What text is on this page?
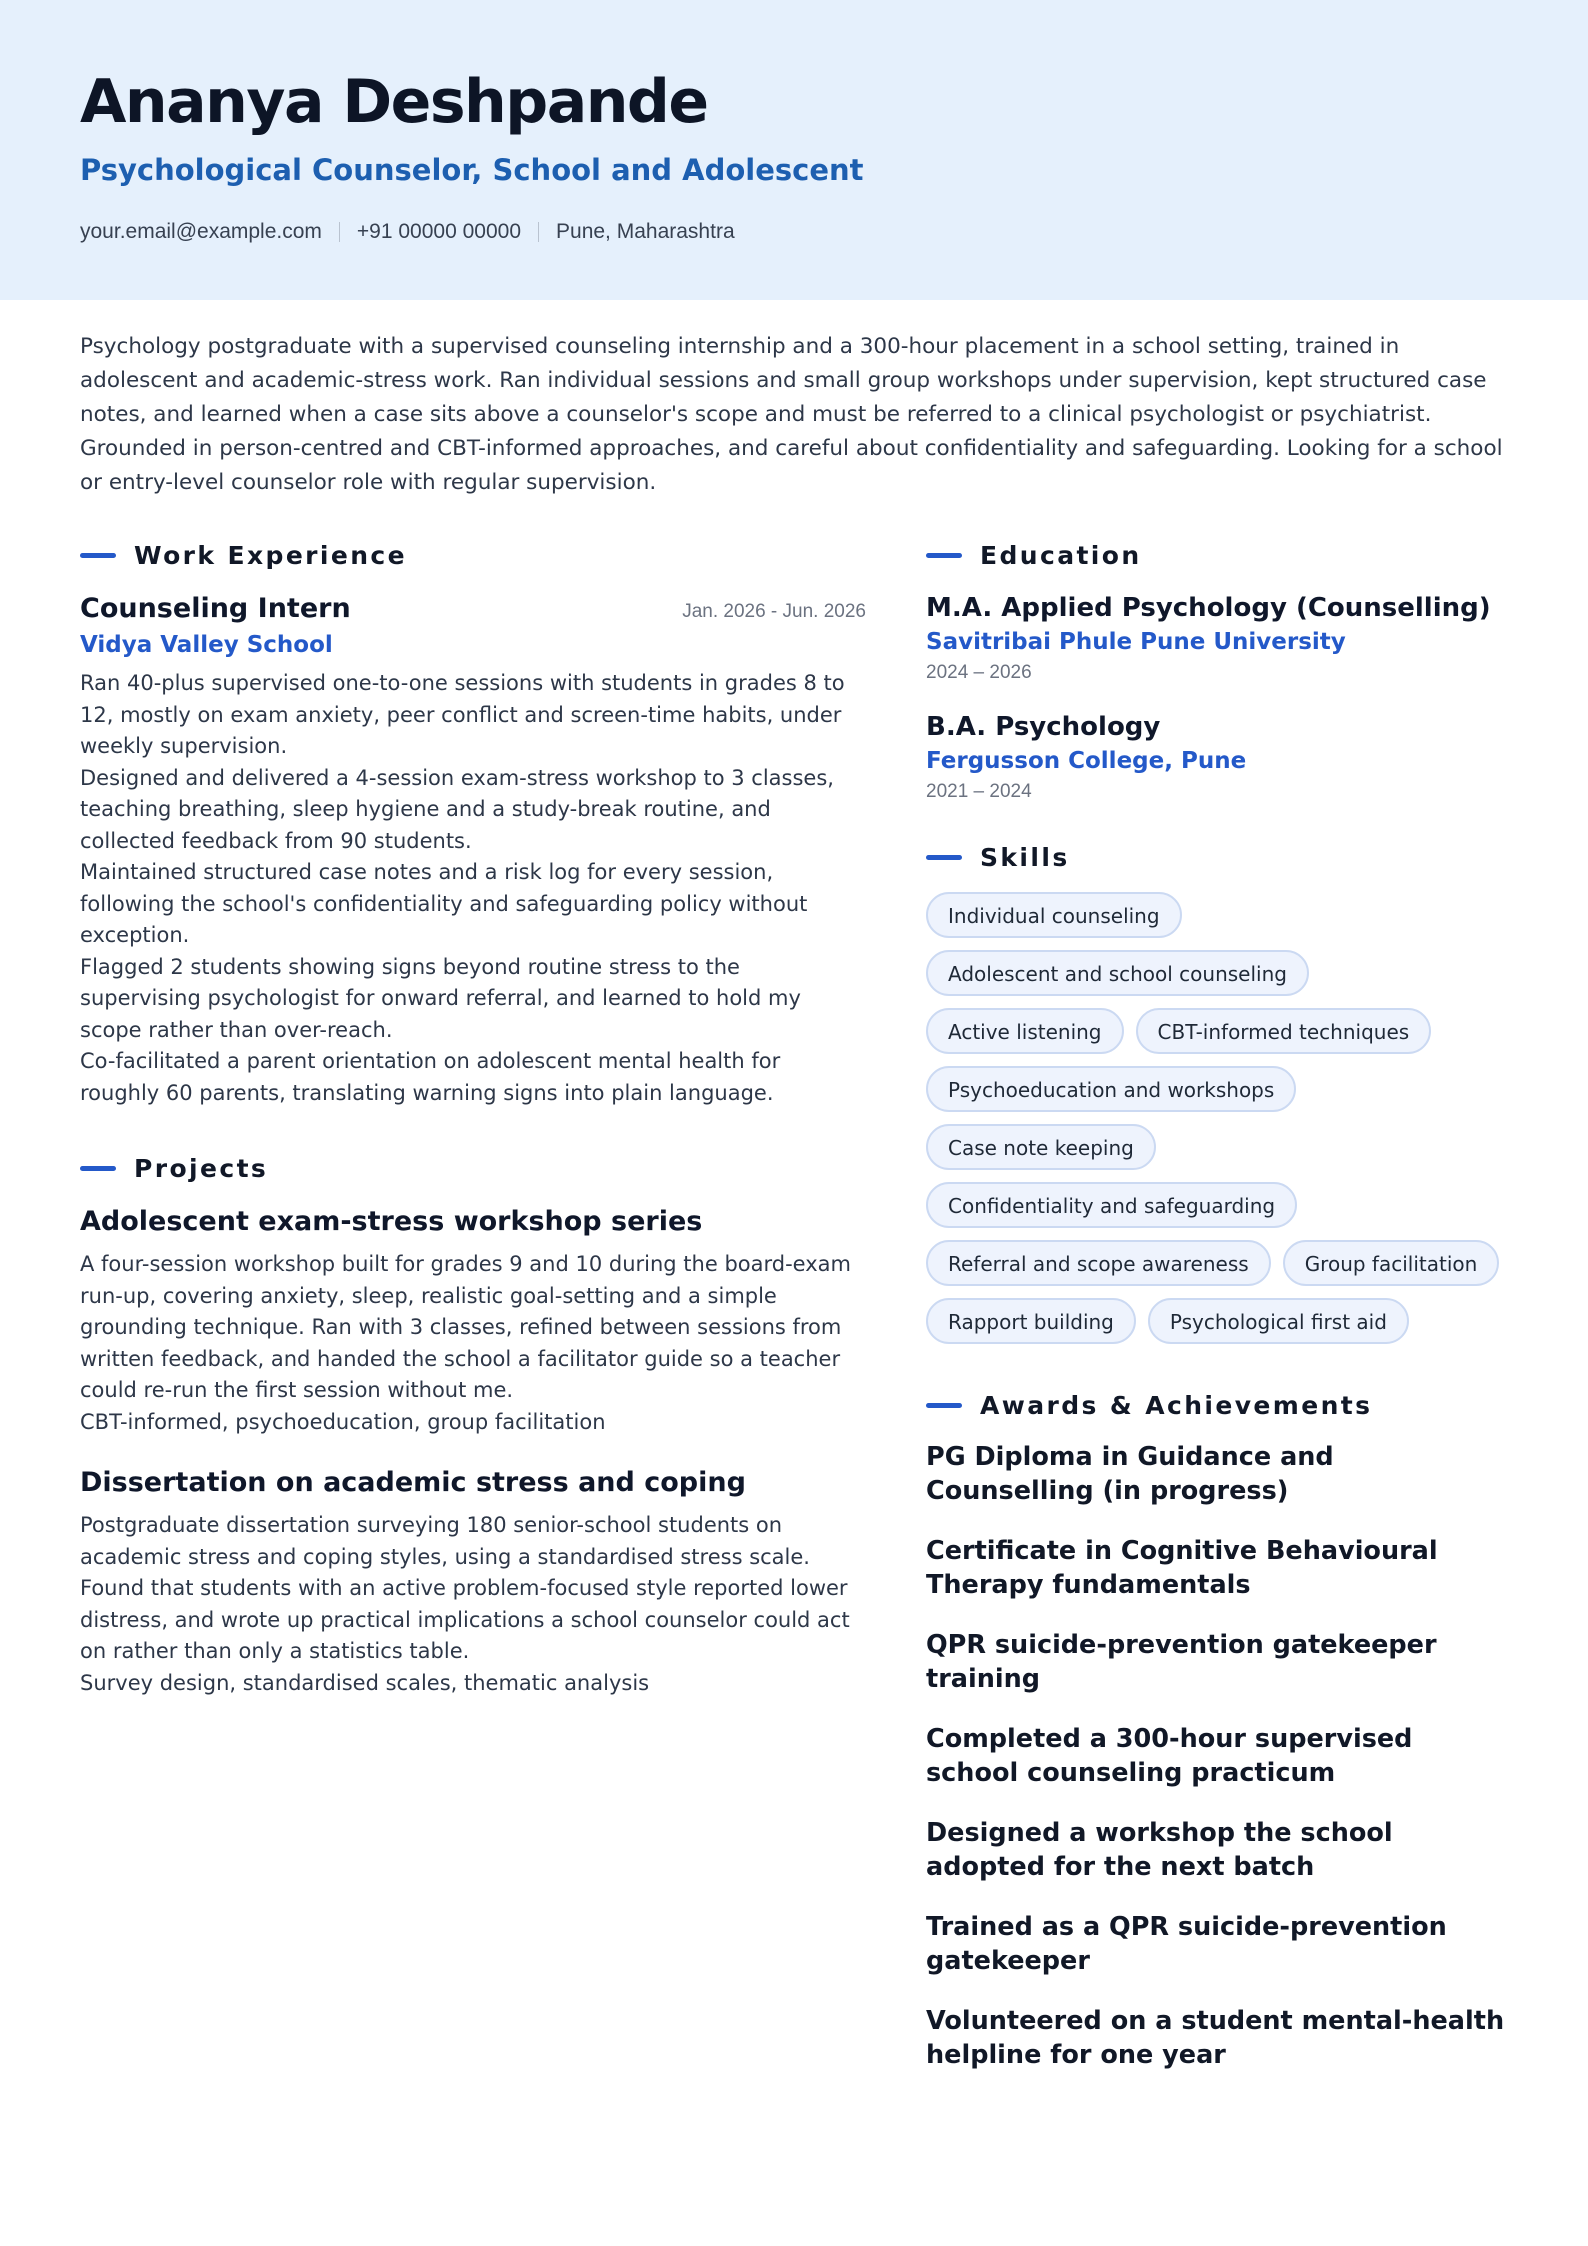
Ananya Deshpande
Psychological Counselor, School and Adolescent
your.email@example.com +91 00000 00000 Pune, Maharashtra
Psychology postgraduate with a supervised counseling internship and a 300-hour placement in a school setting, trained in adolescent and academic-stress work. Ran individual sessions and small group workshops under supervision, kept structured case notes, and learned when a case sits above a counselor's scope and must be referred to a clinical psychologist or psychiatrist. Grounded in person-centred and CBT-informed approaches, and careful about confidentiality and safeguarding. Looking for a school or entry-level counselor role with regular supervision.
Work Experience
Counseling Intern	Jan. 2026 - Jun. 2026
Vidya Valley School
Ran 40-plus supervised one-to-one sessions with students in grades 8 to 12, mostly on exam anxiety, peer conflict and screen-time habits, under weekly supervision.
Designed and delivered a 4-session exam-stress workshop to 3 classes, teaching breathing, sleep hygiene and a study-break routine, and collected feedback from 90 students.
Maintained structured case notes and a risk log for every session, following the school's confidentiality and safeguarding policy without exception.
Flagged 2 students showing signs beyond routine stress to the supervising psychologist for onward referral, and learned to hold my scope rather than over-reach.
Co-facilitated a parent orientation on adolescent mental health for roughly 60 parents, translating warning signs into plain language.
Projects
Adolescent exam-stress workshop series
A four-session workshop built for grades 9 and 10 during the board-exam run-up, covering anxiety, sleep, realistic goal-setting and a simple grounding technique. Ran with 3 classes, refined between sessions from written feedback, and handed the school a facilitator guide so a teacher could re-run the first session without me.
CBT-informed, psychoeducation, group facilitation
Dissertation on academic stress and coping
Postgraduate dissertation surveying 180 senior-school students on academic stress and coping styles, using a standardised stress scale. Found that students with an active problem-focused style reported lower distress, and wrote up practical implications a school counselor could act on rather than only a statistics table.
Survey design, standardised scales, thematic analysis
Education
M.A. Applied Psychology (Counselling)
Savitribai Phule Pune University
2024 – 2026
B.A. Psychology
Fergusson College, Pune
2021 – 2024
Skills
Individual counseling
Adolescent and school counseling
Active listening	CBT-informed techniques
Psychoeducation and workshops
Case note keeping
Confidentiality and safeguarding
Referral and scope awareness	Group facilitation
Rapport building	Psychological first aid
Awards & Achievements
PG Diploma in Guidance and Counselling (in progress)
Certificate in Cognitive Behavioural Therapy fundamentals
QPR suicide-prevention gatekeeper training
Completed a 300-hour supervised school counseling practicum
Designed a workshop the school adopted for the next batch
Trained as a QPR suicide-prevention gatekeeper
Volunteered on a student mental-health helpline for one year
